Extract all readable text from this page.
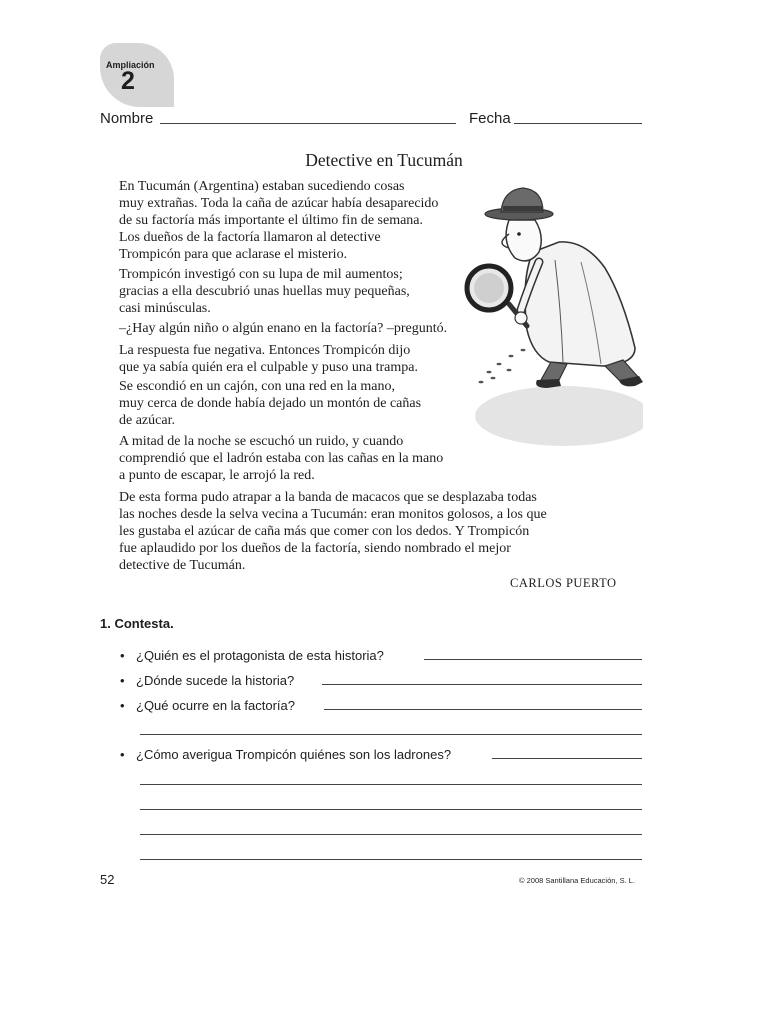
Ampliación
2
Nombre	Fecha
Detective en Tucumán
En Tucumán (Argentina) estaban sucediendo cosas
muy extrañas. Toda la caña de azúcar había desaparecido
de su factoría más importante el último fin de semana.
Los dueños de la factoría llamaron al detective
Trompicón para que aclarase el misterio.
Trompicón investigó con su lupa de mil aumentos;
gracias a ella descubrió unas huellas muy pequeñas,
casi minúsculas.
–¿Hay algún niño o algún enano en la factoría? –preguntó.
La respuesta fue negativa. Entonces Trompicón dijo
que ya sabía quién era el culpable y puso una trampa.
Se escondió en un cajón, con una red en la mano,
muy cerca de donde había dejado un montón de cañas
de azúcar.
A mitad de la noche se escuchó un ruido, y cuando
comprendió que el ladrón estaba con las cañas en la mano
a punto de escapar, le arrojó la red.
De esta forma pudo atrapar a la banda de macacos que se desplazaba todas
las noches desde la selva vecina a Tucumán: eran monitos golosos, a los que
les gustaba el azúcar de caña más que comer con los dedos. Y Trompicón
fue aplaudido por los dueños de la factoría, siendo nombrado el mejor
detective de Tucumán.
CARLOS PUERTO
1. Contesta.
• ¿Quién es el protagonista de esta historia?
• ¿Dónde sucede la historia?
• ¿Qué ocurre en la factoría?
• ¿Cómo averigua Trompicón quiénes son los ladrones?
52	© 2008 Santillana Educación, S. L.
